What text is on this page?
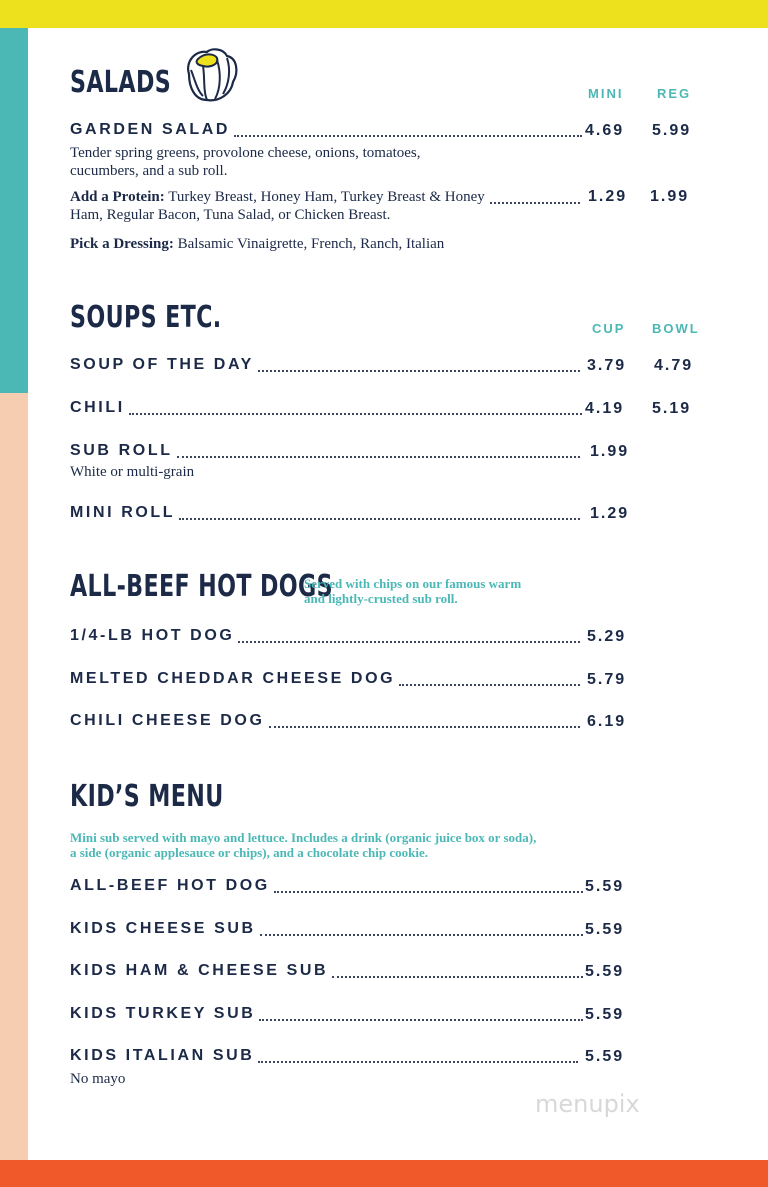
SALADS	MINI	REG
GARDEN SALAD	4.69 5.99
Tender spring greens, provolone cheese, onions, tomatoes, cucumbers, and a sub roll.
Add a Protein: Turkey Breast, Honey Ham, Turkey Breast & Honey Ham, Regular Bacon, Tuna Salad, or Chicken Breast.
1.29 1.99
Pick a Dressing: Balsamic Vinaigrette, French, Ranch, Italian
SOUPS ETC.	CUP BOWL
SOUP OF THE DAY	3.79 4.79
CHILI	4.19 5.19
SUB ROLL	1.99
White or multi-grain
MINI ROLL	1.29
ALL-BEEF HOT DOGS
Served with chips on our famous warm and lightly-crusted sub roll.
1/4-LB HOT DOG	5.29
MELTED CHEDDAR CHEESE DOG	5.79
CHILI CHEESE DOG	6.19
KID’S MENU
Mini sub served with mayo and lettuce. Includes a drink (organic juice box or soda), a side (organic applesauce or chips), and a chocolate chip cookie.
ALL-BEEF HOT DOG	5.59
KIDS CHEESE SUB	5.59
KIDS HAM & CHEESE SUB	5.59
KIDS TURKEY SUB	5.59
KIDS ITALIAN SUB	5.59
No mayo
menupix
